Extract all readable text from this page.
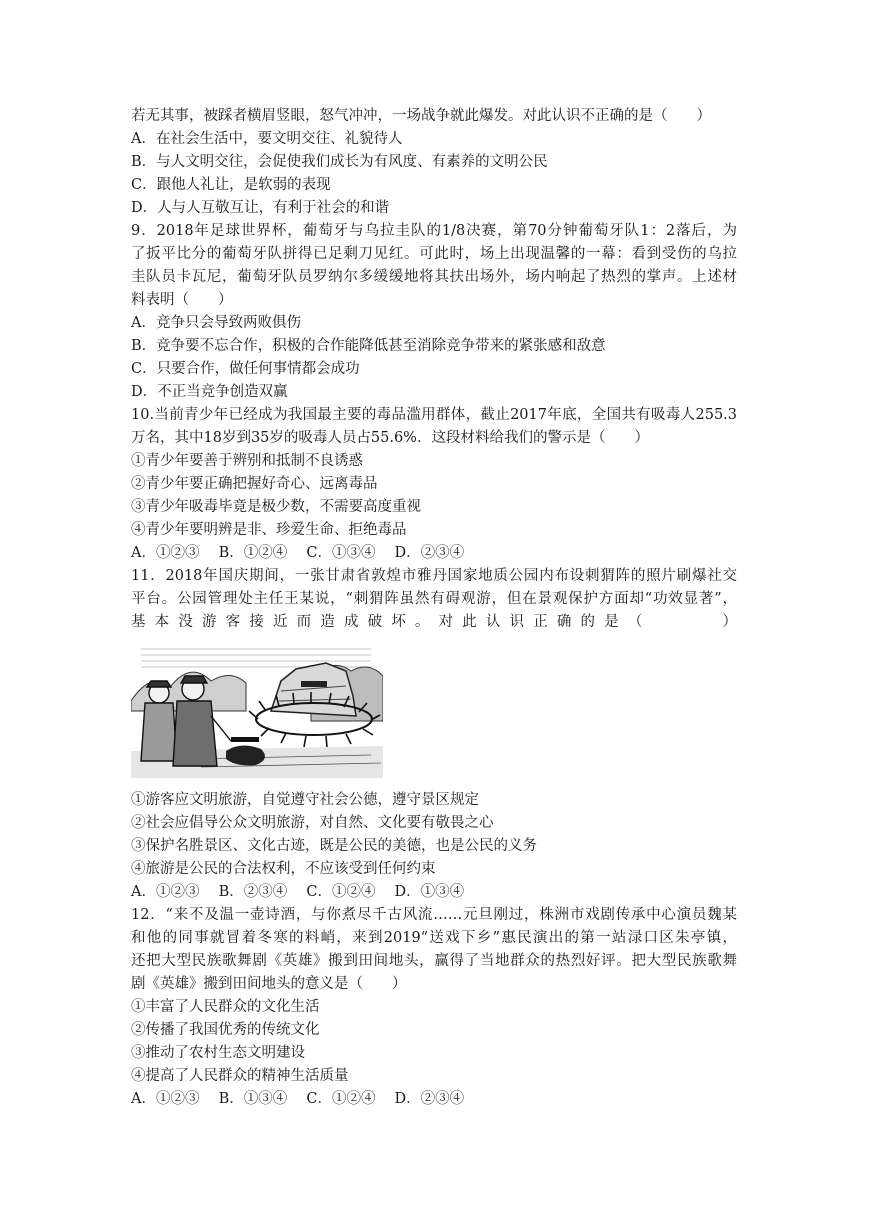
若无其事，被踩者横眉竖眼，怒气冲冲，一场战争就此爆发。对此认识不正确的是（　　）
A．在社会生活中，要文明交往、礼貌待人
B．与人文明交往，会促使我们成长为有风度、有素养的文明公民
C．跟他人礼让，是软弱的表现
D．人与人互敬互让，有利于社会的和谐
9．2018年足球世界杯，葡萄牙与乌拉圭队的1/8决赛，第70分钟葡萄牙队1：2落后，为
了扳平比分的葡萄牙队拼得已足剩刀见红。可此时，场上出现温馨的一幕：看到受伤的乌拉
圭队员卡瓦尼，葡萄牙队员罗纳尔多缓缓地将其扶出场外，场内响起了热烈的掌声。上述材
料表明（　　）
A．竞争只会导致两败俱伤
B．竞争要不忘合作，积极的合作能降低甚至消除竞争带来的紧张感和敌意
C．只要合作，做任何事情都会成功
D．不正当竞争创造双赢
10.当前青少年已经成为我国最主要的毒品滥用群体，截止2017年底，全国共有吸毒人255.3
万名，其中18岁到35岁的吸毒人员占55.6%．这段材料给我们的警示是（　　）
①青少年要善于辨别和抵制不良诱惑
②青少年要正确把握好奇心、远离毒品
③青少年吸毒毕竟是极少数，不需要高度重视
④青少年要明辨是非、珍爱生命、拒绝毒品
A．①②③　 B．①②④　 C．①③④　 D．②③④
11．2018年国庆期间，一张甘肃省敦煌市雅丹国家地质公园内布设刺猬阵的照片刷爆社交
平台。公园管理处主任王某说，“刺猬阵虽然有碍观游，但在景观保护方面却“功效显著”，
基本没游客接近而造成破坏。对此认识正确的是（　　　）
①游客应文明旅游，自觉遵守社会公德，遵守景区规定
②社会应倡导公众文明旅游，对自然、文化要有敬畏之心
③保护名胜景区、文化古迹，既是公民的美德，也是公民的义务
④旅游是公民的合法权利，不应该受到任何约束
A．①②③　 B．②③④　 C．①②④　 D．①③④
12．“来不及温一壶诗酒，与你煮尽千古风流……元旦刚过，株洲市戏剧传承中心演员魏某
和他的同事就冒着冬寒的料峭，来到2019“送戏下乡”惠民演出的第一站渌口区朱亭镇，
还把大型民族歌舞剧《英雄》搬到田间地头，赢得了当地群众的热烈好评。把大型民族歌舞
剧《英雄》搬到田间地头的意义是（　　）
①丰富了人民群众的文化生活
②传播了我国优秀的传统文化
③推动了农村生态文明建设
④提高了人民群众的精神生活质量
A．①②③　 B．①③④　 C．①②④　 D．②③④
